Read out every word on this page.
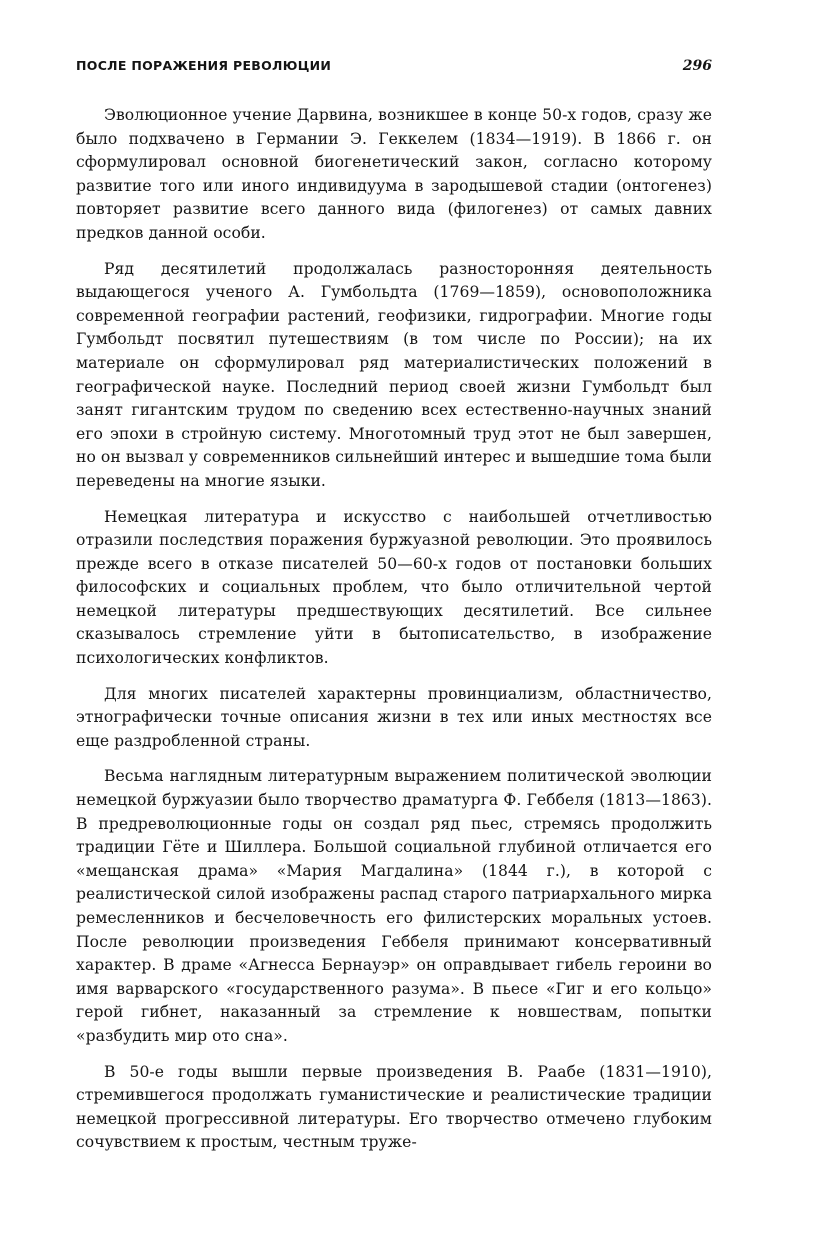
ПОСЛЕ ПОРАЖЕНИЯ РЕВОЛЮЦИИ	296

Эволюционное учение Дарвина, возникшее в конце 50-х годов, сразу же было подхвачено в Германии Э. Геккелем (1834—1919). В 1866 г. он сформулировал основной биогенетический закон, согласно которому развитие того или иного индивидуума в зародышевой стадии (онтогенез) повторяет развитие всего данного вида (филогенез) от самых давних предков данной особи.

Ряд десятилетий продолжалась разносторонняя деятельность выдающегося ученого А. Гумбольдта (1769—1859), основоположника современной географии растений, геофизики, гидрографии. Многие годы Гумбольдт посвятил путешествиям (в том числе по России); на их материале он сформулировал ряд материалистических положений в географической науке. Последний период своей жизни Гумбольдт был занят гигантским трудом по сведению всех естественно-научных знаний его эпохи в стройную систему. Многотомный труд этот не был завершен, но он вызвал у современников сильнейший интерес и вышедшие тома были переведены на многие языки.

Немецкая литература и искусство с наибольшей отчетливостью отразили последствия поражения буржуазной революции. Это проявилось прежде всего в отказе писателей 50—60-х годов от постановки больших философских и социальных проблем, что было отличительной чертой немецкой литературы предшествующих десятилетий. Все сильнее сказывалось стремление уйти в бытописательство, в изображение психологических конфликтов.

Для многих писателей характерны провинциализм, областничество, этнографически точные описания жизни в тех или иных местностях все еще раздробленной страны.

Весьма наглядным литературным выражением политической эволюции немецкой буржуазии было творчество драматурга Ф. Геббеля (1813—1863). В предреволюционные годы он создал ряд пьес, стремясь продолжить традиции Гёте и Шиллера. Большой социальной глубиной отличается его «мещанская драма» «Мария Магдалина» (1844 г.), в которой с реалистической силой изображены распад старого патриархального мирка ремесленников и бесчеловечность его филистерских моральных устоев. После революции произведения Геббеля принимают консервативный характер. В драме «Агнесса Бернауэр» он оправдывает гибель героини во имя варварского «государственного разума». В пьесе «Гиг и его кольцо» герой гибнет, наказанный за стремление к новшествам, попытки «разбудить мир ото сна».

В 50-е годы вышли первые произведения В. Раабе (1831—1910), стремившегося продолжать гуманистические и реалистические традиции немецкой прогрессивной литературы. Его творчество отмечено глубоким сочувствием к простым, честным тружe-
